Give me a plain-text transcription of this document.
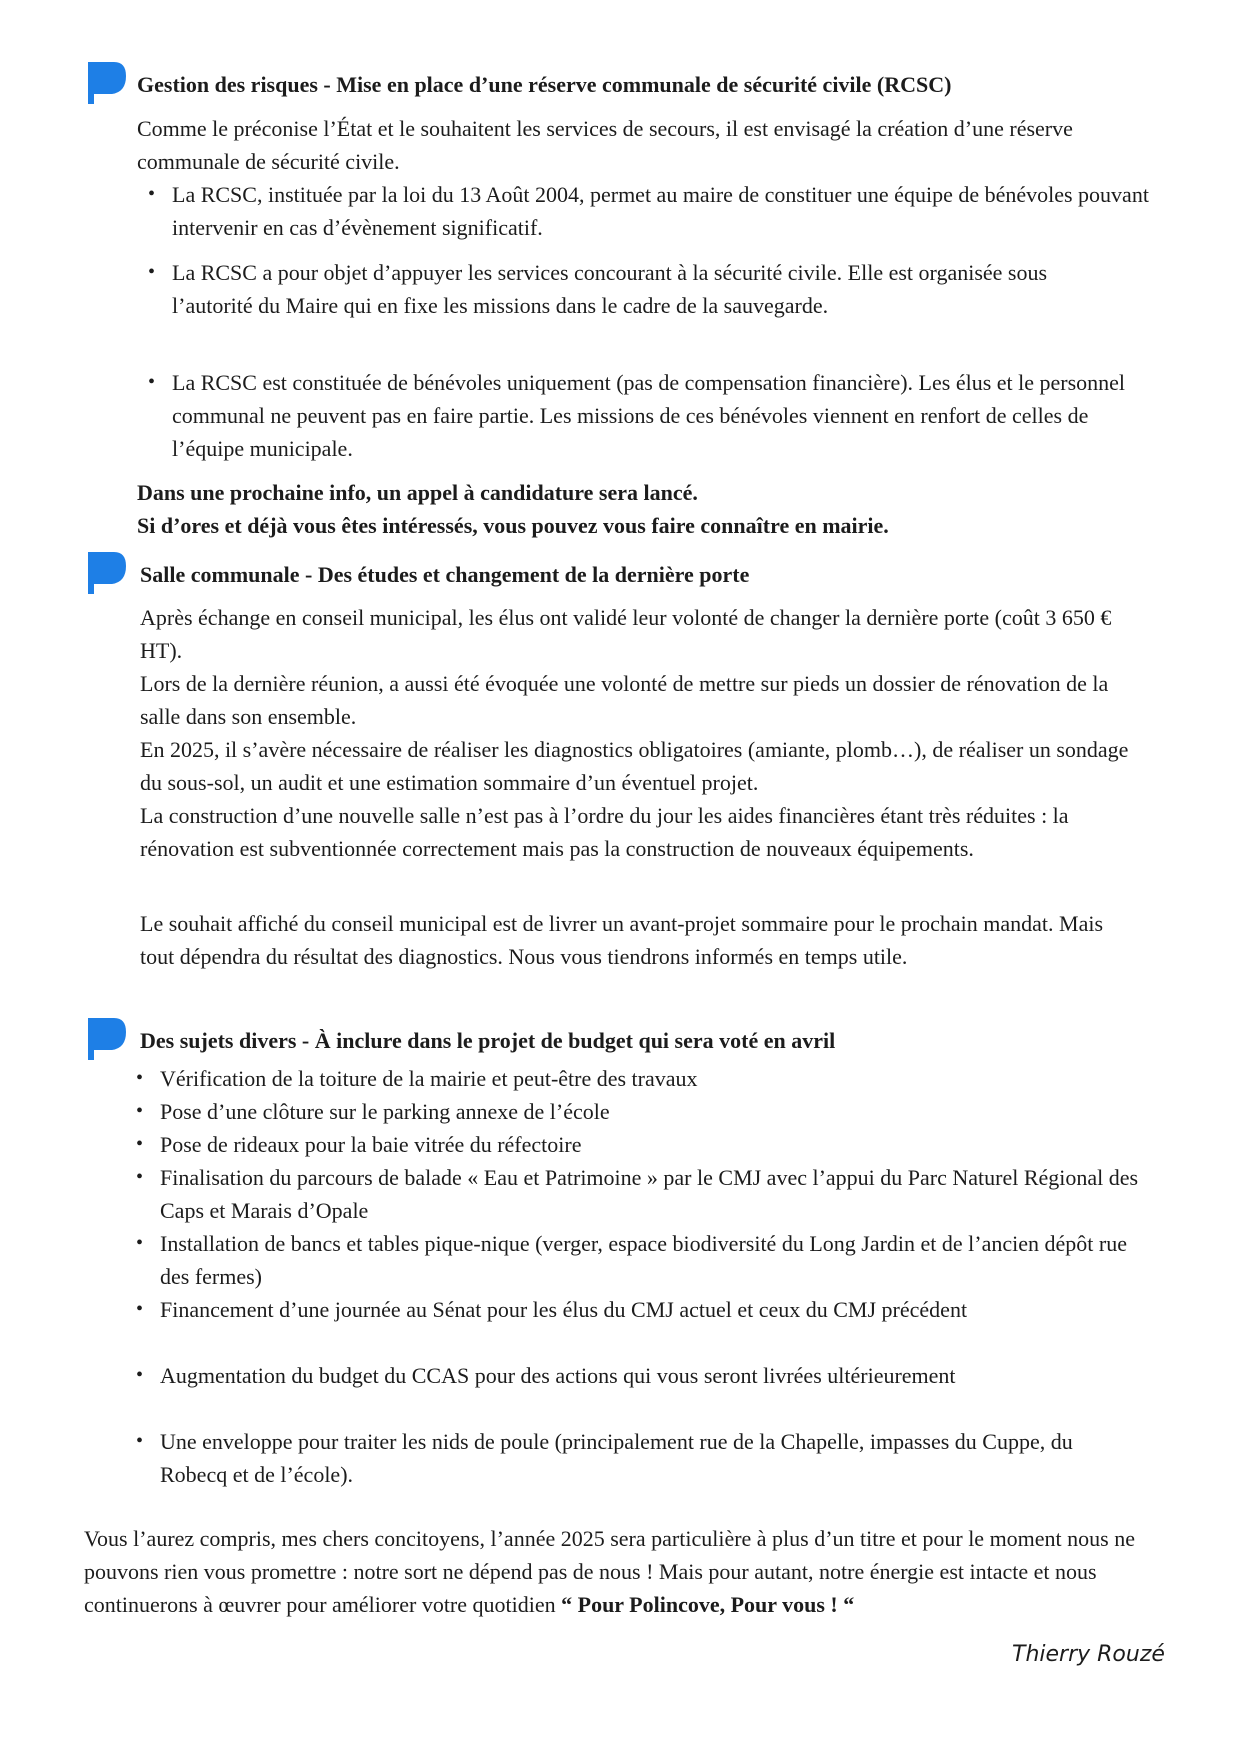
Gestion des risques - Mise en place d’une réserve communale de sécurité civile (RCSC)

Comme le préconise l’État et le souhaitent les services de secours, il est envisagé la création d’une réserve communale de sécurité civile.

• La RCSC, instituée par la loi du 13 Août 2004, permet au maire de constituer une équipe de bénévoles pouvant intervenir en cas d’évènement significatif.

• La RCSC a pour objet d’appuyer les services concourant à la sécurité civile. Elle est organisée sous l’autorité du Maire qui en fixe les missions dans le cadre de la sauvegarde.

• La RCSC est constituée de bénévoles uniquement (pas de compensation financière). Les élus et le personnel communal ne peuvent pas en faire partie. Les missions de ces bénévoles viennent en renfort de celles de l’équipe municipale.

Dans une prochaine info, un appel à candidature sera lancé.

Si d’ores et déjà vous êtes intéressés, vous pouvez vous faire connaître en mairie.

Salle communale - Des études et changement de la dernière porte

Après échange en conseil municipal, les élus ont validé leur volonté de changer la dernière porte (coût 3 650 € HT).

Lors de la dernière réunion, a aussi été évoquée une volonté de mettre sur pieds un dossier de rénovation de la salle dans son ensemble.

En 2025, il s’avère nécessaire de réaliser les diagnostics obligatoires (amiante, plomb…), de réaliser un sondage du sous-sol, un audit et une estimation sommaire d’un éventuel projet.

La construction d’une nouvelle salle n’est pas à l’ordre du jour les aides financières étant très réduites : la rénovation est subventionnée correctement mais pas la construction de nouveaux équipements.

Le souhait affiché du conseil municipal est de livrer un avant-projet sommaire pour le prochain mandat. Mais tout dépendra du résultat des diagnostics. Nous vous tiendrons informés en temps utile.

Des sujets divers - À inclure dans le projet de budget qui sera voté en avril
• Vérification de la toiture de la mairie et peut-être des travaux

• Pose d’une clôture sur le parking annexe de l’école

• Pose de rideaux pour la baie vitrée du réfectoire

• Finalisation du parcours de balade « Eau et Patrimoine » par le CMJ avec l’appui du Parc Naturel Régional des Caps et Marais d’Opale

• Installation de bancs et tables pique-nique (verger, espace biodiversité du Long Jardin et de l’ancien dépôt rue des fermes)

• Financement d’une journée au Sénat pour les élus du CMJ actuel et ceux du CMJ précédent

• Augmentation du budget du CCAS pour des actions qui vous seront livrées ultérieurement

• Une enveloppe pour traiter les nids de poule (principalement rue de la Chapelle, impasses du Cuppe, du Robecq et de l’école).

Vous l’aurez compris, mes chers concitoyens, l’année 2025 sera particulière à plus d’un titre et pour le moment nous ne pouvons rien vous promettre : notre sort ne dépend pas de nous ! Mais pour autant, notre énergie est intacte et nous continuerons à œuvrer pour améliorer votre quotidien “ Pour Polincove, Pour vous ! “

Thierry Rouzé
